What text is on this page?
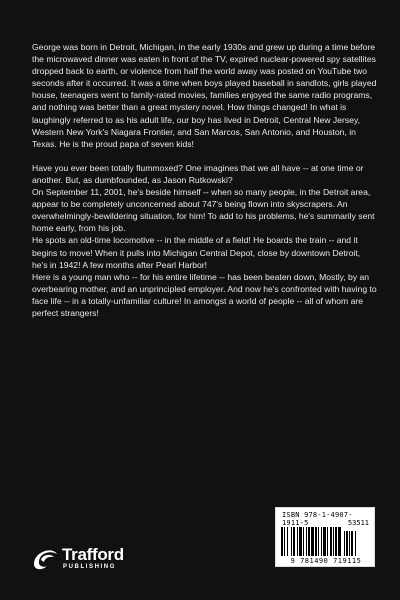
George was born in Detroit, Michigan, in the early 1930s and grew up during a time before the microwaved dinner was eaten in front of the TV, expired nuclear-powered spy satellites dropped back to earth, or violence from half the world away was posted on YouTube two seconds after it occurred. It was a time when boys played baseball in sandlots, girls played house, teenagers went to family-rated movies, families enjoyed the same radio programs, and nothing was better than a great mystery novel. How things changed! In what is laughingly referred to as his adult life, our boy has lived in Detroit, Central New Jersey, Western New York's Niagara Frontier, and San Marcos, San Antonio, and Houston, in Texas. He is the proud papa of seven kids!

Have you ever been totally flummoxed? One imagines that we all have -- at one time or another. But, as dumbfounded, as Jason Rutkowski?

On September 11, 2001, he's beside himself -- when so many people, in the Detroit area, appear to be completely unconcerned about 747's being flown into skyscrapers. An overwhelmingly-bewildering situation, for him! To add to his problems, he's summarily sent home early, from his job.

He spots an old-time locomotive -- in the middle of a field! He boards the train -- and it begins to move! When it pulls into Michigan Central Depot, close by downtown Detroit, he's in 1942! A few months after Pearl Harbor!

Here is a young man who -- for his entire lifetime -- has been beaten down, Mostly, by an overbearing mother, and an unprincipled employer. And now he's confronted with having to face life -- in a totally-unfamiliar culture! In amongst a world of people -- all of whom are perfect strangers!

ISBN 978-1-4907-1911-5	53511
9 781490 719115
Trafford
PUBLISHING
